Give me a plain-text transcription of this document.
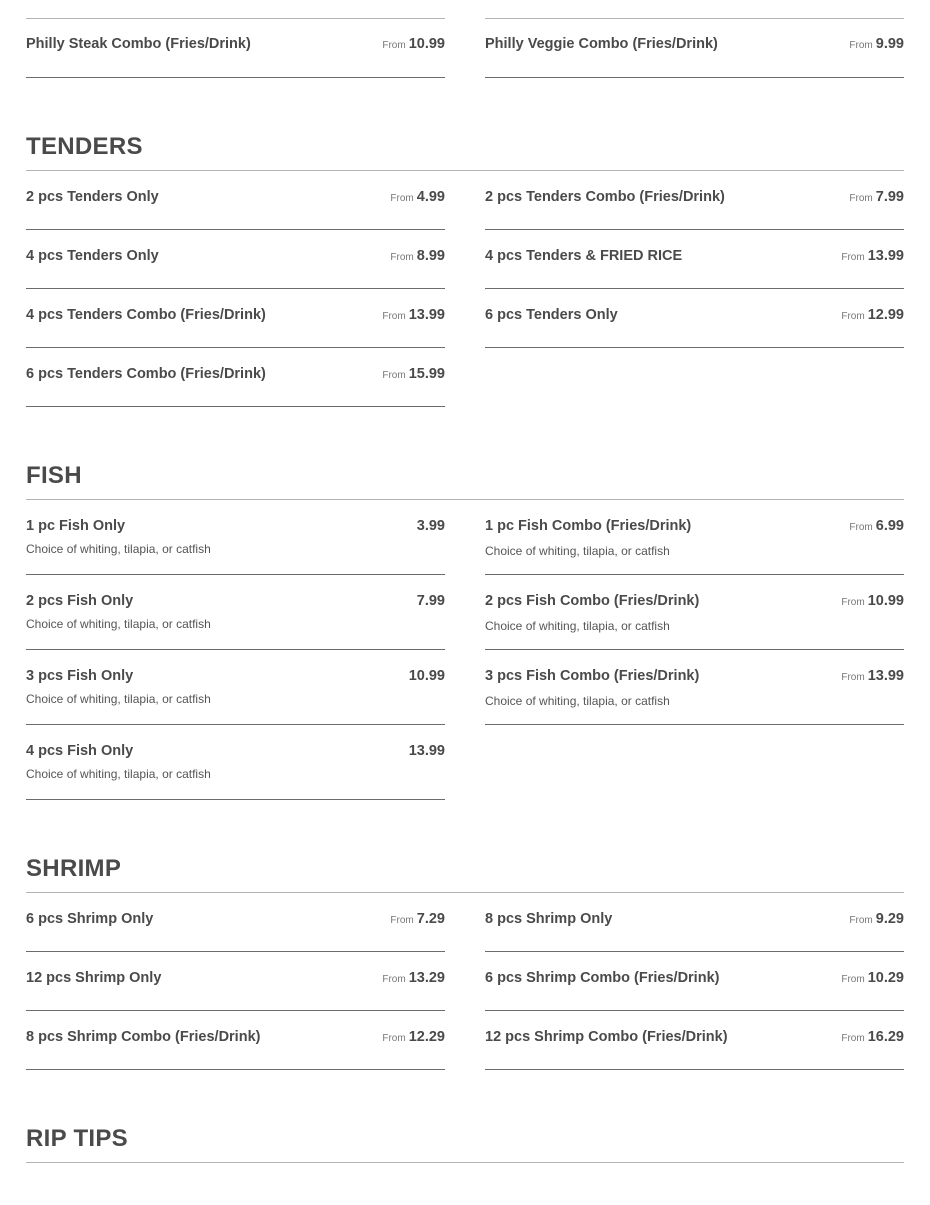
Philly Steak Combo (Fries/Drink)	From 10.99	Philly Veggie Combo (Fries/Drink)	From 9.99
TENDERS
2 pcs Tenders Only	From 4.99
4 pcs Tenders Only	From 8.99
4 pcs Tenders Combo (Fries/Drink)	From 13.99
6 pcs Tenders Combo (Fries/Drink)	From 15.99
2 pcs Tenders Combo (Fries/Drink)	From 7.99
4 pcs Tenders & FRIED RICE	From 13.99
6 pcs Tenders Only	From 12.99
FISH
1 pc Fish Only	3.99
Choice of whiting, tilapia, or catfish
2 pcs Fish Only	7.99
Choice of whiting, tilapia, or catfish
3 pcs Fish Only	10.99
Choice of whiting, tilapia, or catfish
4 pcs Fish Only	13.99
Choice of whiting, tilapia, or catfish
1 pc Fish Combo (Fries/Drink)	From 6.99
Choice of whiting, tilapia, or catfish
2 pcs Fish Combo (Fries/Drink)	From 10.99
Choice of whiting, tilapia, or catfish
3 pcs Fish Combo (Fries/Drink)	From 13.99
Choice of whiting, tilapia, or catfish
SHRIMP
6 pcs Shrimp Only	From 7.29
12 pcs Shrimp Only	From 13.29
8 pcs Shrimp Combo (Fries/Drink)	From 12.29
8 pcs Shrimp Only	From 9.29
6 pcs Shrimp Combo (Fries/Drink)	From 10.29
12 pcs Shrimp Combo (Fries/Drink)	From 16.29
RIP TIPS
